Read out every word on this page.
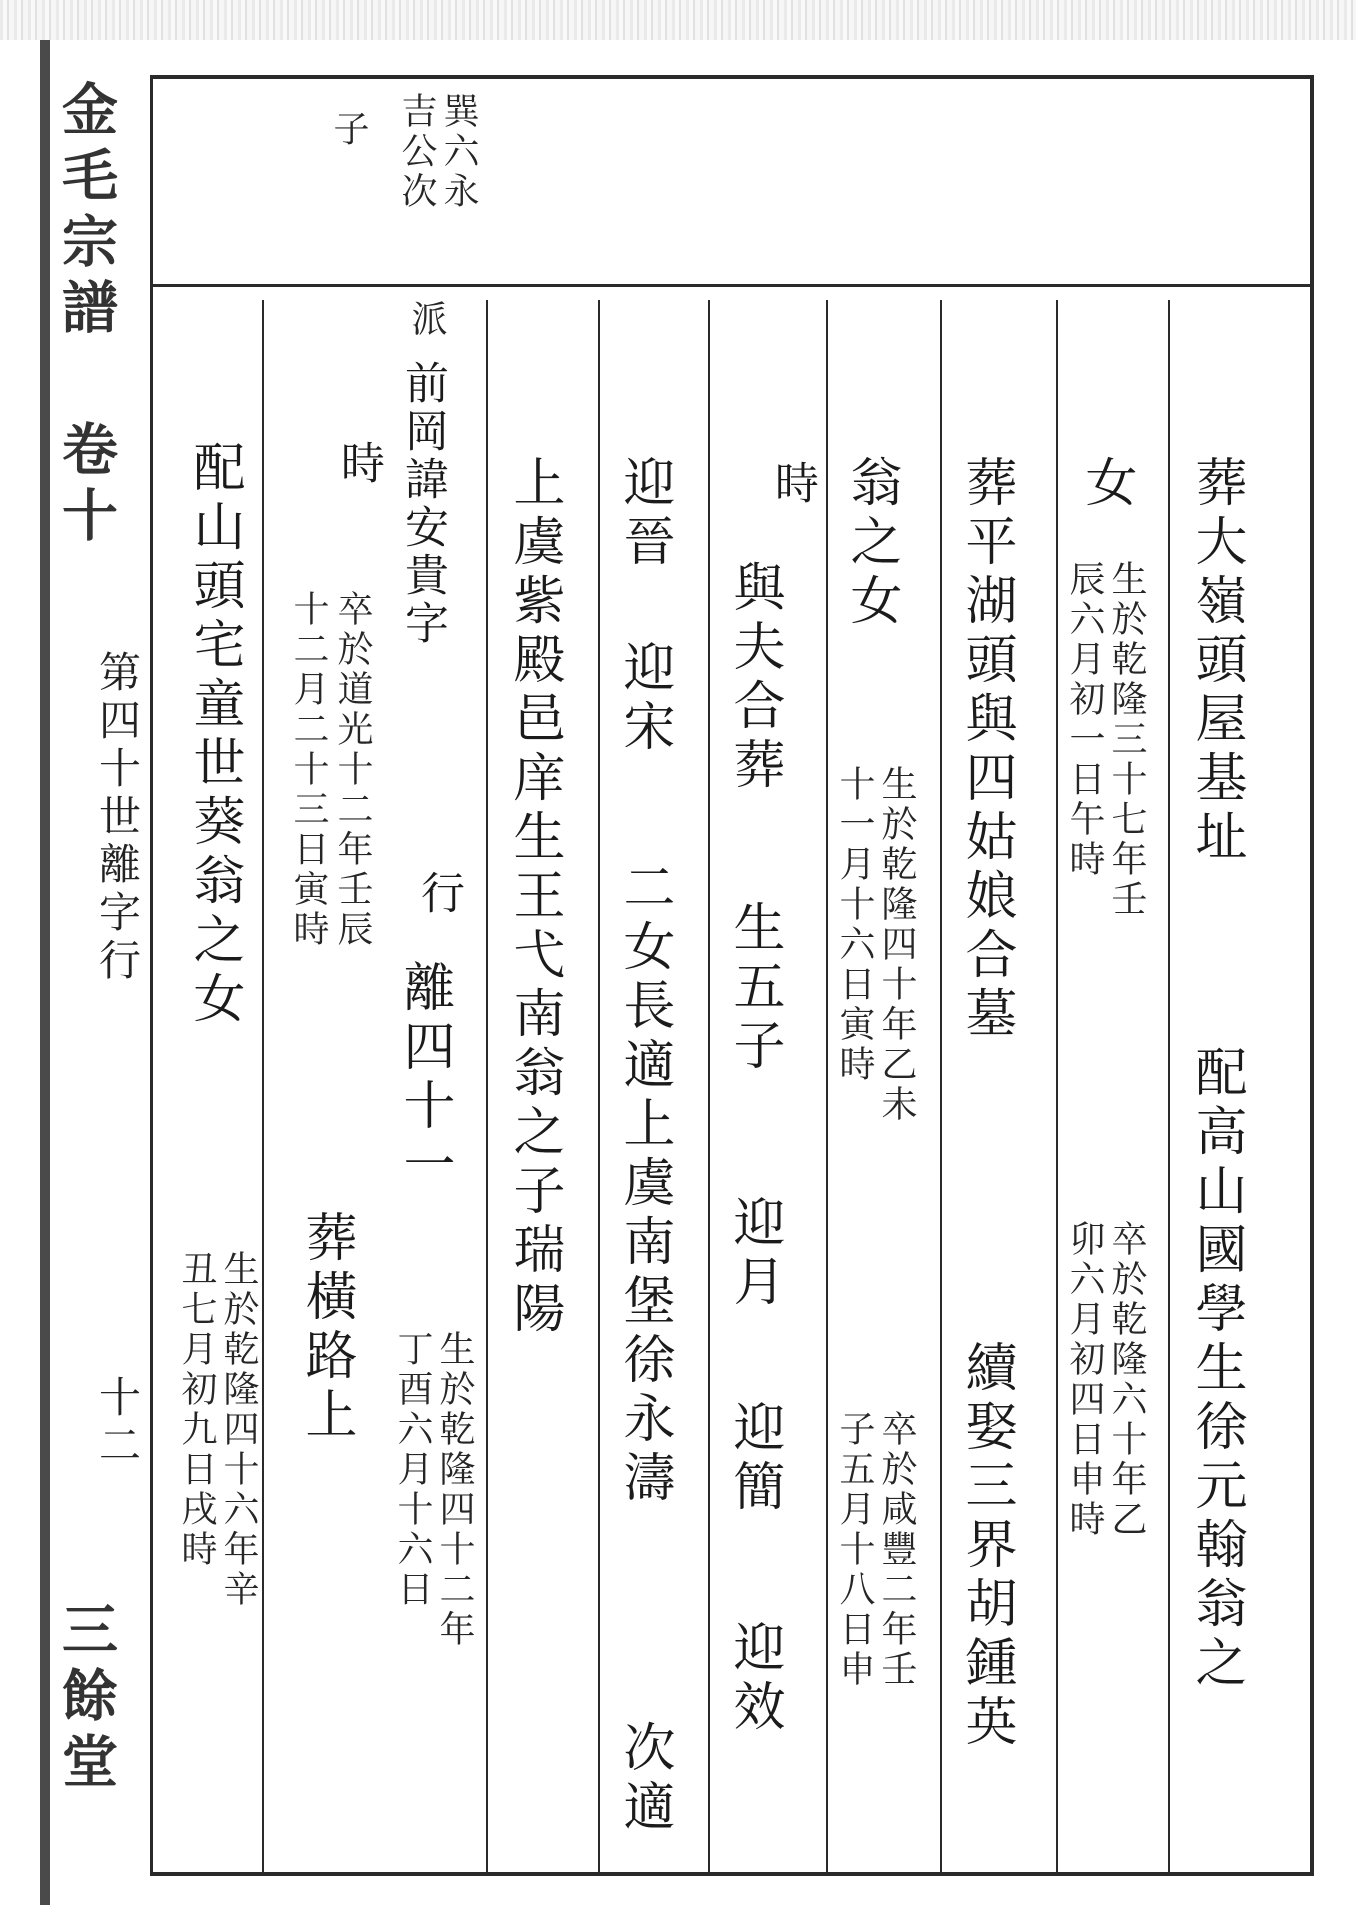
金毛宗譜 卷十
第四十世離字行
十二
三餘堂
巽六永
吉公次
子
葬大嶺頭屋基址
配高山國學生徐元翰翁之
女
生於乾隆三十七年壬
辰六月初一日午時
卒於乾隆六十年乙
卯六月初四日申時
葬平湖頭與四姑娘合墓
續娶三界胡鍾英
翁之女
生於乾隆四十年乙未
十一月十六日寅時
卒於咸豐二年壬
子五月十八日申
時
與夫合葬
生五子
迎月
迎簡
迎效
迎晉
迎宋
二女長適上虞南堡徐永濤
次適
上虞紫殿邑庠生王弋南翁之子瑞陽
派
前岡諱安貴字
行
離四十一
生於乾隆四十二年
丁酉六月十六日
時
卒於道光十二年壬辰
十二月二十三日寅時
葬橫路上
配山頭宅童世葵翁之女
生於乾隆四十六年辛
丑七月初九日戌時
